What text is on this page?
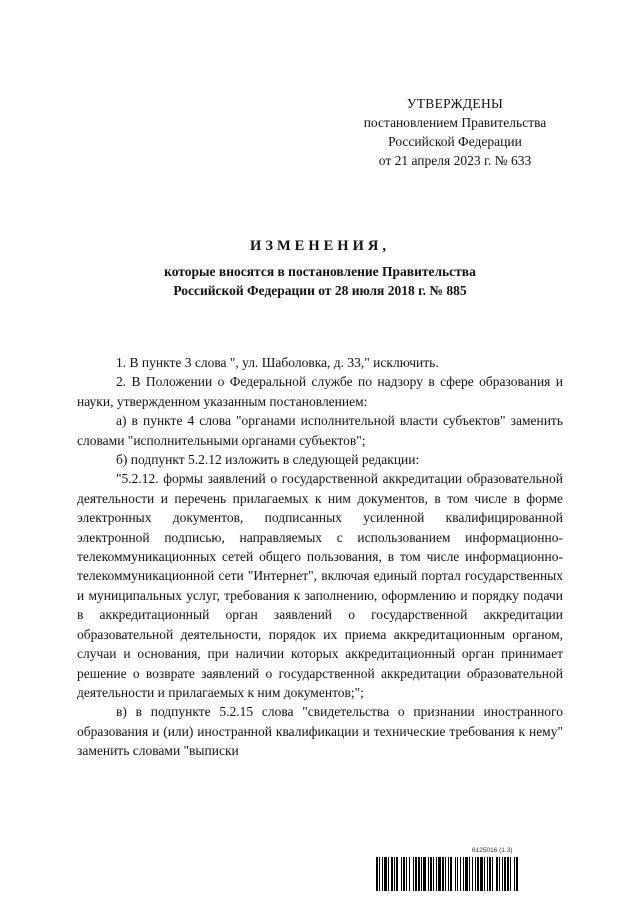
УТВЕРЖДЕНЫ
постановлением Правительства
Российской Федерации
от 21 апреля 2023 г. № 633
ИЗМЕНЕНИЯ,
которые вносятся в постановление Правительства
Российской Федерации от 28 июля 2018 г. № 885

1. В пункте 3 слова ", ул. Шаболовка, д. 33," исключить.

2. В Положении о Федеральной службе по надзору в сфере образования и науки, утвержденном указанным постановлением:

а) в пункте 4 слова "органами исполнительной власти субъектов" заменить словами "исполнительными органами субъектов";

б) подпункт 5.2.12 изложить в следующей редакции:

"5.2.12. формы заявлений о государственной аккредитации образовательной деятельности и перечень прилагаемых к ним документов, в том числе в форме электронных документов, подписанных усиленной квалифицированной электронной подписью, направляемых с использованием информационно-телекоммуникационных сетей общего пользования, в том числе информационно-телекоммуникационной сети "Интернет", включая единый портал государственных и муниципальных услуг, требования к заполнению, оформлению и порядку подачи в аккредитационный орган заявлений о государственной аккредитации образовательной деятельности, порядок их приема аккредитационным органом, случаи и основания, при наличии которых аккредитационный орган принимает решение о возврате заявлений о государственной аккредитации образовательной деятельности и прилагаемых к ним документов;";

в) в подпункте 5.2.15 слова "свидетельства о признании иностранного образования и (или) иностранной квалификации и технические требования к нему" заменить словами "выписки

6125016 (1.3)
